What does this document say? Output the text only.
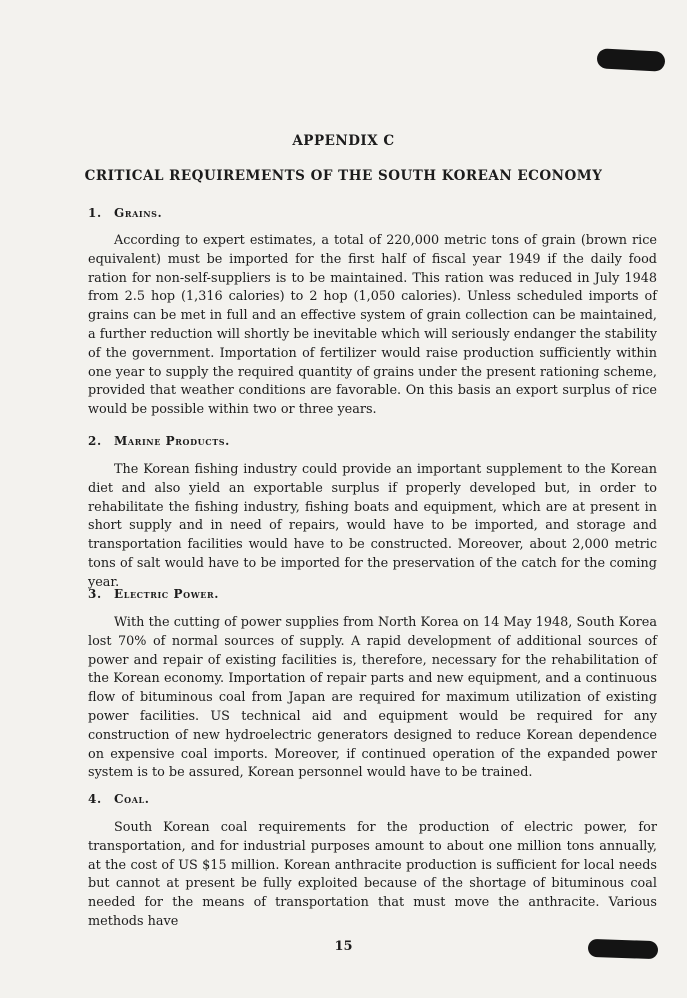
APPENDIX C
CRITICAL REQUIREMENTS OF THE SOUTH KOREAN ECONOMY
1. Grains.

According to expert estimates, a total of 220,000 metric tons of grain (brown rice equivalent) must be imported for the first half of fiscal year 1949 if the daily food ration for non-self-suppliers is to be maintained. This ration was reduced in July 1948 from 2.5 hop (1,316 calories) to 2 hop (1,050 calories). Unless scheduled imports of grains can be met in full and an effective system of grain collection can be maintained, a further reduction will shortly be inevitable which will seriously endanger the stability of the government. Importation of fertilizer would raise production sufficiently within one year to supply the required quantity of grains under the present rationing scheme, provided that weather conditions are favorable. On this basis an export surplus of rice would be possible within two or three years.

2. Marine Products.

The Korean fishing industry could provide an important supplement to the Korean diet and also yield an exportable surplus if properly developed but, in order to rehabilitate the fishing industry, fishing boats and equipment, which are at present in short supply and in need of repairs, would have to be imported, and storage and transportation facilities would have to be constructed. Moreover, about 2,000 metric tons of salt would have to be imported for the preservation of the catch for the coming year.

3. Electric Power.

With the cutting of power supplies from North Korea on 14 May 1948, South Korea lost 70% of normal sources of supply. A rapid development of additional sources of power and repair of existing facilities is, therefore, necessary for the rehabilitation of the Korean economy. Importation of repair parts and new equipment, and a continuous flow of bituminous coal from Japan are required for maximum utilization of existing power facilities. US technical aid and equipment would be required for any construction of new hydroelectric generators designed to reduce Korean dependence on expensive coal imports. Moreover, if continued operation of the expanded power system is to be assured, Korean personnel would have to be trained.

4. Coal.

South Korean coal requirements for the production of electric power, for transportation, and for industrial purposes amount to about one million tons annually, at the cost of US $15 million. Korean anthracite production is sufficient for local needs but cannot at present be fully exploited because of the shortage of bituminous coal needed for the means of transportation that must move the anthracite. Various methods have

15
